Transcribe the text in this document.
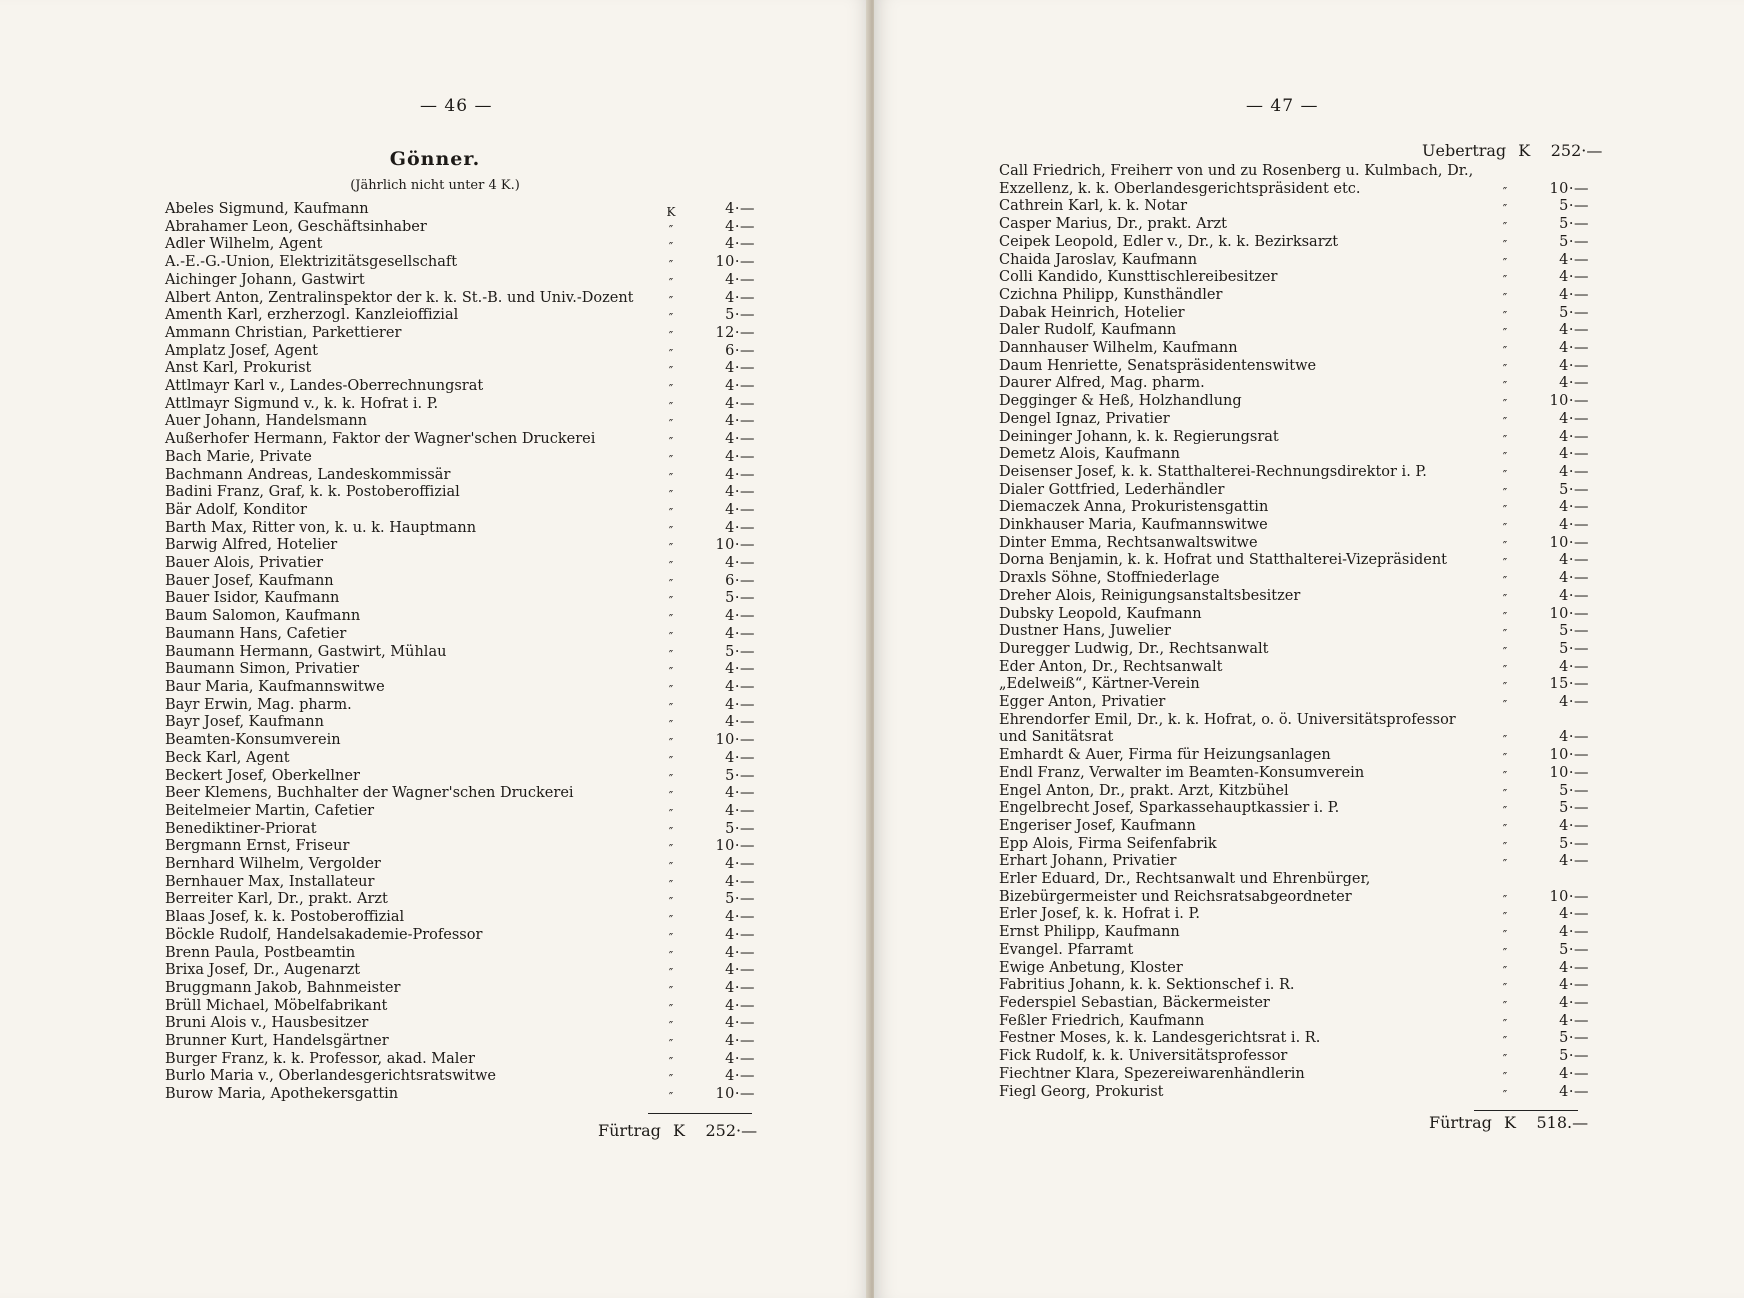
— 46 —
Gönner.
(Jährlich nicht unter 4 K.)
Abeles Sigmund, Kaufmann	K	4·—
Abrahamer Leon, Geschäftsinhaber	″	4·—
Adler Wilhelm, Agent	″	4·—
A.-E.-G.-Union, Elektrizitätsgesellschaft	″	10·—
Aichinger Johann, Gastwirt	″	4·—
Albert Anton, Zentralinspektor der k. k. St.-B. und Univ.-Dozent	″	4·—
Amenth Karl, erzherzogl. Kanzleioffizial	″	5·—
Ammann Christian, Parkettierer	″	12·—
Amplatz Josef, Agent	″	6·—
Anst Karl, Prokurist	″	4·—
Attlmayr Karl v., Landes-Oberrechnungsrat	″	4·—
Attlmayr Sigmund v., k. k. Hofrat i. P.	″	4·—
Auer Johann, Handelsmann	″	4·—
Außerhofer Hermann, Faktor der Wagner'schen Druckerei	″	4·—
Bach Marie, Private	″	4·—
Bachmann Andreas, Landeskommissär	″	4·—
Badini Franz, Graf, k. k. Postoberoffizial	″	4·—
Bär Adolf, Konditor	″	4·—
Barth Max, Ritter von, k. u. k. Hauptmann	″	4·—
Barwig Alfred, Hotelier	″	10·—
Bauer Alois, Privatier	″	4·—
Bauer Josef, Kaufmann	″	6·—
Bauer Isidor, Kaufmann	″	5·—
Baum Salomon, Kaufmann	″	4·—
Baumann Hans, Cafetier	″	4·—
Baumann Hermann, Gastwirt, Mühlau	″	5·—
Baumann Simon, Privatier	″	4·—
Baur Maria, Kaufmannswitwe	″	4·—
Bayr Erwin, Mag. pharm.	″	4·—
Bayr Josef, Kaufmann	″	4·—
Beamten-Konsumverein	″	10·—
Beck Karl, Agent	″	4·—
Beckert Josef, Oberkellner	″	5·—
Beer Klemens, Buchhalter der Wagner'schen Druckerei	″	4·—
Beitelmeier Martin, Cafetier	″	4·—
Benediktiner-Priorat	″	5·—
Bergmann Ernst, Friseur	″	10·—
Bernhard Wilhelm, Vergolder	″	4·—
Bernhauer Max, Installateur	″	4·—
Berreiter Karl, Dr., prakt. Arzt	″	5·—
Blaas Josef, k. k. Postoberoffizial	″	4·—
Böckle Rudolf, Handelsakademie-Professor	″	4·—
Brenn Paula, Postbeamtin	″	4·—
Brixa Josef, Dr., Augenarzt	″	4·—
Bruggmann Jakob, Bahnmeister	″	4·—
Brüll Michael, Möbelfabrikant	″	4·—
Bruni Alois v., Hausbesitzer	″	4·—
Brunner Kurt, Handelsgärtner	″	4·—
Burger Franz, k. k. Professor, akad. Maler	″	4·—
Burlo Maria v., Oberlandesgerichtsratswitwe	″	4·—
Burow Maria, Apothekersgattin	″	10·—
Fürtrag K 252·—
— 47 —
Uebertrag K 252·—
Call Friedrich, Freiherr von und zu Rosenberg u. Kulmbach, Dr., Exzellenz, k. k. Oberlandesgerichtspräsident etc.	″	10·—
Cathrein Karl, k. k. Notar	″	5·—
Casper Marius, Dr., prakt. Arzt	″	5·—
Ceipek Leopold, Edler v., Dr., k. k. Bezirksarzt	″	5·—
Chaida Jaroslav, Kaufmann	″	4·—
Colli Kandido, Kunsttischlereibesitzer	″	4·—
Czichna Philipp, Kunsthändler	″	4·—
Dabak Heinrich, Hotelier	″	5·—
Daler Rudolf, Kaufmann	″	4·—
Dannhauser Wilhelm, Kaufmann	″	4·—
Daum Henriette, Senatspräsidentenswitwe	″	4·—
Daurer Alfred, Mag. pharm.	″	4·—
Degginger & Heß, Holzhandlung	″	10·—
Dengel Ignaz, Privatier	″	4·—
Deininger Johann, k. k. Regierungsrat	″	4·—
Demetz Alois, Kaufmann	″	4·—
Deisenser Josef, k. k. Statthalterei-Rechnungsdirektor i. P.	″	4·—
Dialer Gottfried, Lederhändler	″	5·—
Diemaczek Anna, Prokuristensgattin	″	4·—
Dinkhauser Maria, Kaufmannswitwe	″	4·—
Dinter Emma, Rechtsanwaltswitwe	″	10·—
Dorna Benjamin, k. k. Hofrat und Statthalterei-Vizepräsident	″	4·—
Draxls Söhne, Stoffniederlage	″	4·—
Dreher Alois, Reinigungsanstaltsbesitzer	″	4·—
Dubsky Leopold, Kaufmann	″	10·—
Dustner Hans, Juwelier	″	5·—
Duregger Ludwig, Dr., Rechtsanwalt	″	5·—
Eder Anton, Dr., Rechtsanwalt	″	4·—
„Edelweiß“, Kärtner-Verein	″	15·—
Egger Anton, Privatier	″	4·—
Ehrendorfer Emil, Dr., k. k. Hofrat, o. ö. Universitätsprofessor und Sanitätsrat	″	4·—
Emhardt & Auer, Firma für Heizungsanlagen	″	10·—
Endl Franz, Verwalter im Beamten-Konsumverein	″	10·—
Engel Anton, Dr., prakt. Arzt, Kitzbühel	″	5·—
Engelbrecht Josef, Sparkassehauptkassier i. P.	″	5·—
Engeriser Josef, Kaufmann	″	4·—
Epp Alois, Firma Seifenfabrik	″	5·—
Erhart Johann, Privatier	″	4·—
Erler Eduard, Dr., Rechtsanwalt und Ehrenbürger, Bizebürgermeister und Reichsratsabgeordneter	″	10·—
Erler Josef, k. k. Hofrat i. P.	″	4·—
Ernst Philipp, Kaufmann	″	4·—
Evangel. Pfarramt	″	5·—
Ewige Anbetung, Kloster	″	4·—
Fabritius Johann, k. k. Sektionschef i. R.	″	4·—
Federspiel Sebastian, Bäckermeister	″	4·—
Feßler Friedrich, Kaufmann	″	4·—
Festner Moses, k. k. Landesgerichtsrat i. R.	″	5·—
Fick Rudolf, k. k. Universitätsprofessor	″	5·—
Fiechtner Klara, Spezereiwarenhändlerin	″	4·—
Fiegl Georg, Prokurist	″	4·—
Fürtrag K 518.—
